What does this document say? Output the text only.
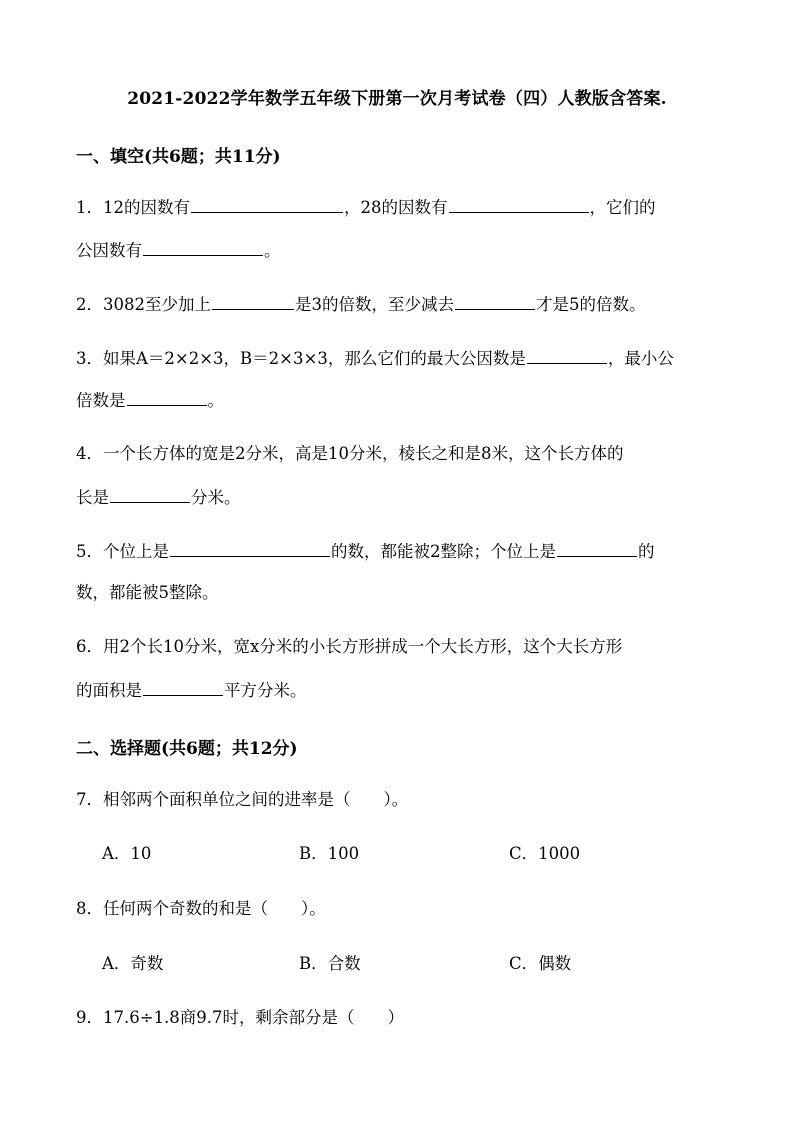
2021-2022学年数学五年级下册第一次月考试卷（四）人教版含答案.
一、填空(共6题；共11分)
1．12的因数有	，28的因数有	，它们的
公因数有	。
2．3082至少加上	是3的倍数，至少减去	才是5的倍数。
3．如果A＝2×2×3，B＝2×3×3，那么它们的最大公因数是	，最小公
倍数是	。
4．一个长方体的宽是2分米，高是10分米，棱长之和是8米，这个长方体的
长是	分米。
5．个位上是	的数，都能被2整除；个位上是	的
数，都能被5整除。
6．用2个长10分米，宽x分米的小长方形拼成一个大长方形，这个大长方形
的面积是	平方分米。
二、选择题(共6题；共12分)
7．相邻两个面积单位之间的进率是（　　）。
A．10	B．100	C．1000
8．任何两个奇数的和是（　　）。
A．奇数	B．合数	C．偶数
9．17.6÷1.8商9.7时，剩余部分是（　　）
